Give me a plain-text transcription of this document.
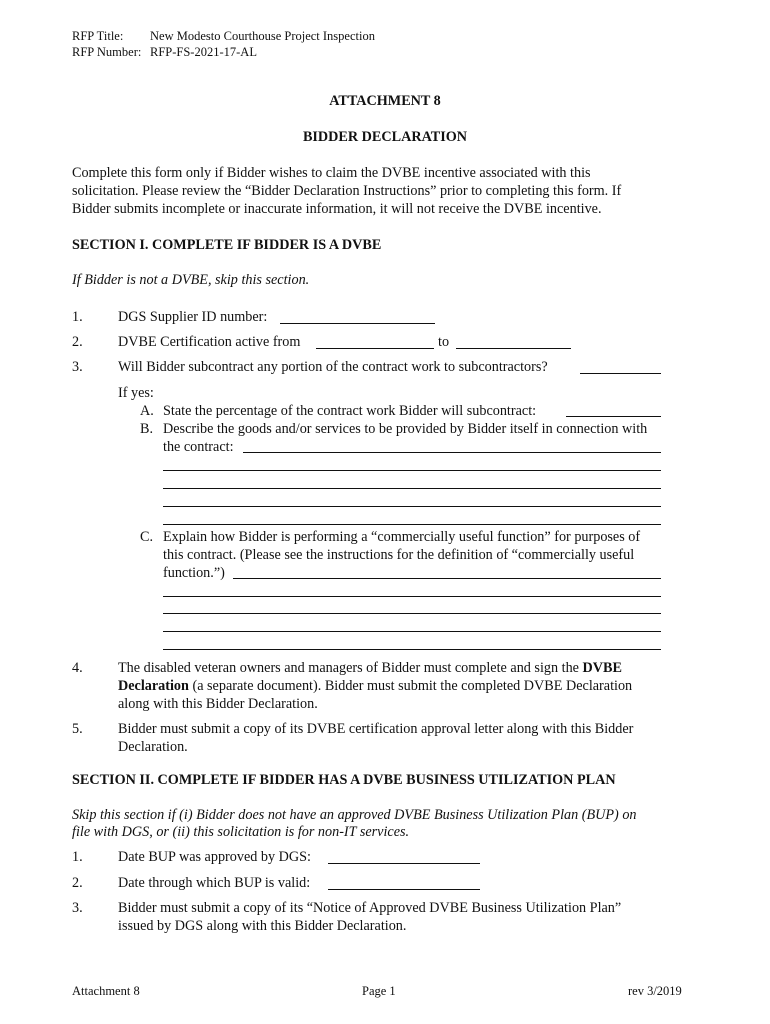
RFP Title: New Modesto Courthouse Project Inspection
RFP Number: RFP-FS-2021-17-AL
ATTACHMENT 8
BIDDER DECLARATION
Complete this form only if Bidder wishes to claim the DVBE incentive associated with this
solicitation. Please review the “Bidder Declaration Instructions” prior to completing this form. If
Bidder submits incomplete or inaccurate information, it will not receive the DVBE incentive.
SECTION I. COMPLETE IF BIDDER IS A DVBE
If Bidder is not a DVBE, skip this section.
1. DGS Supplier ID number:
2. DVBE Certification active from	to
3. Will Bidder subcontract any portion of the contract work to subcontractors?
If yes:
A. State the percentage of the contract work Bidder will subcontract:
B. Describe the goods and/or services to be provided by Bidder itself in connection with
the contract:
C. Explain how Bidder is performing a “commercially useful function” for purposes of
this contract. (Please see the instructions for the definition of “commercially useful
function.”)
4. The disabled veteran owners and managers of Bidder must complete and sign the DVBE
Declaration (a separate document). Bidder must submit the completed DVBE Declaration
along with this Bidder Declaration.
5. Bidder must submit a copy of its DVBE certification approval letter along with this Bidder
Declaration.
SECTION II. COMPLETE IF BIDDER HAS A DVBE BUSINESS UTILIZATION PLAN
Skip this section if (i) Bidder does not have an approved DVBE Business Utilization Plan (BUP) on
file with DGS, or (ii) this solicitation is for non-IT services.
1. Date BUP was approved by DGS:
2. Date through which BUP is valid:
3. Bidder must submit a copy of its “Notice of Approved DVBE Business Utilization Plan”
issued by DGS along with this Bidder Declaration.
Attachment 8	Page 1	rev 3/2019
